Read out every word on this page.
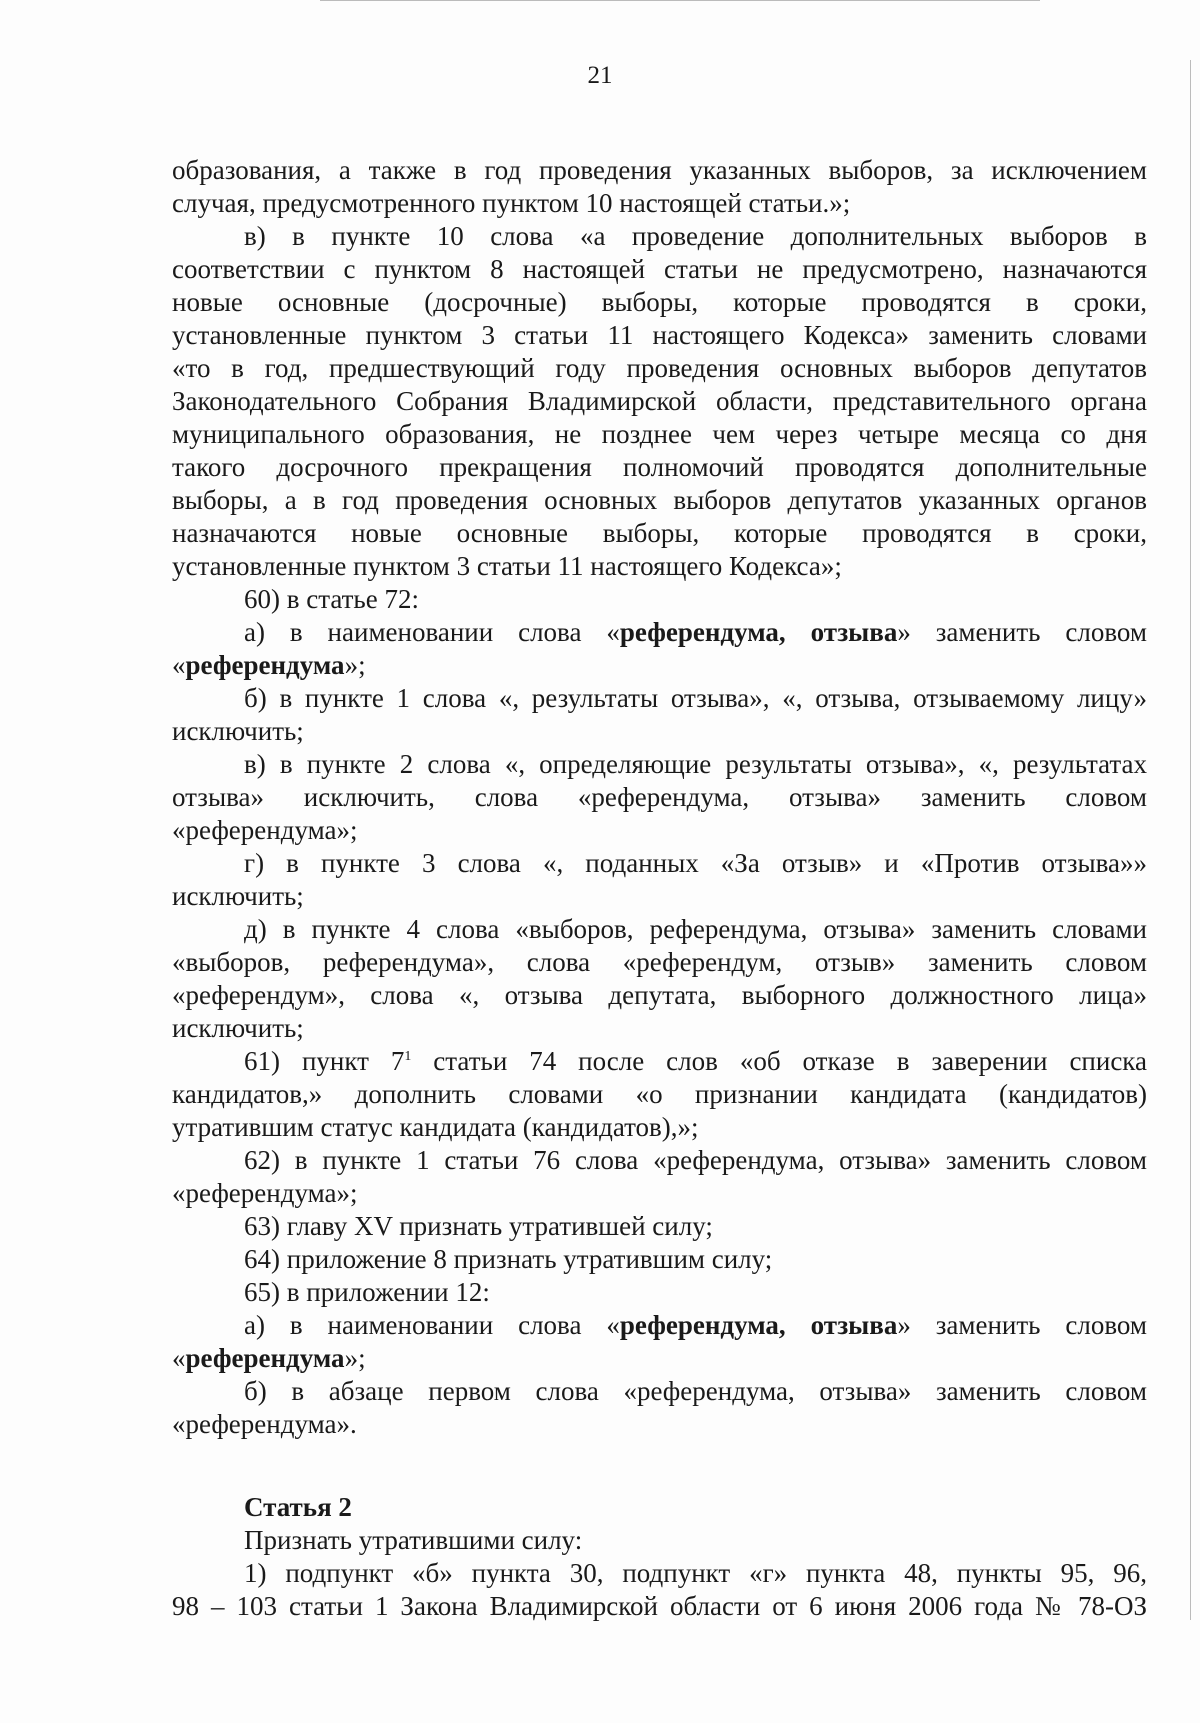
21

образования, а также в год проведения указанных выборов, за исключением

случая, предусмотренного пунктом 10 настоящей статьи.»;

в) в пункте 10 слова «а проведение дополнительных выборов в

соответствии с пунктом 8 настоящей статьи не предусмотрено, назначаются

новые основные (досрочные) выборы, которые проводятся в сроки,

установленные пунктом 3 статьи 11 настоящего Кодекса» заменить словами

«то в год, предшествующий году проведения основных выборов депутатов

Законодательного Собрания Владимирской области, представительного органа

муниципального образования, не позднее чем через четыре месяца со дня

такого досрочного прекращения полномочий проводятся дополнительные

выборы, а в год проведения основных выборов депутатов указанных органов

назначаются новые основные выборы, которые проводятся в сроки,

установленные пунктом 3 статьи 11 настоящего Кодекса»;

60) в статье 72:

а) в наименовании слова «референдума, отзыва» заменить словом

«референдума»;

б) в пункте 1 слова «, результаты отзыва», «, отзыва, отзываемому лицу»

исключить;

в) в пункте 2 слова «, определяющие результаты отзыва», «, результатах

отзыва» исключить, слова «референдума, отзыва» заменить словом

«референдума»;

г) в пункте 3 слова «, поданных «За отзыв» и «Против отзыва»»

исключить;

д) в пункте 4 слова «выборов, референдума, отзыва» заменить словами

«выборов, референдума», слова «референдум, отзыв» заменить словом

«референдум», слова «, отзыва депутата, выборного должностного лица»

исключить;

61) пункт $7^1$ статьи 74 после слов «об отказе в заверении списка

кандидатов,» дополнить словами «о признании кандидата (кандидатов)

утратившим статус кандидата (кандидатов),»;

62) в пункте 1 статьи 76 слова «референдума, отзыва» заменить словом

«референдума»;

63) главу XV признать утратившей силу;

64) приложение 8 признать утратившим силу;

65) в приложении 12:

а) в наименовании слова «референдума, отзыва» заменить словом

«референдума»;

б) в абзаце первом слова «референдума, отзыва» заменить словом

«референдума».

Статья 2

Признать утратившими силу:

1) подпункт «б» пункта 30, подпункт «г» пункта 48, пункты 95, 96,

98 – 103 статьи 1 Закона Владимирской области от 6 июня 2006 года № 78-ОЗ
